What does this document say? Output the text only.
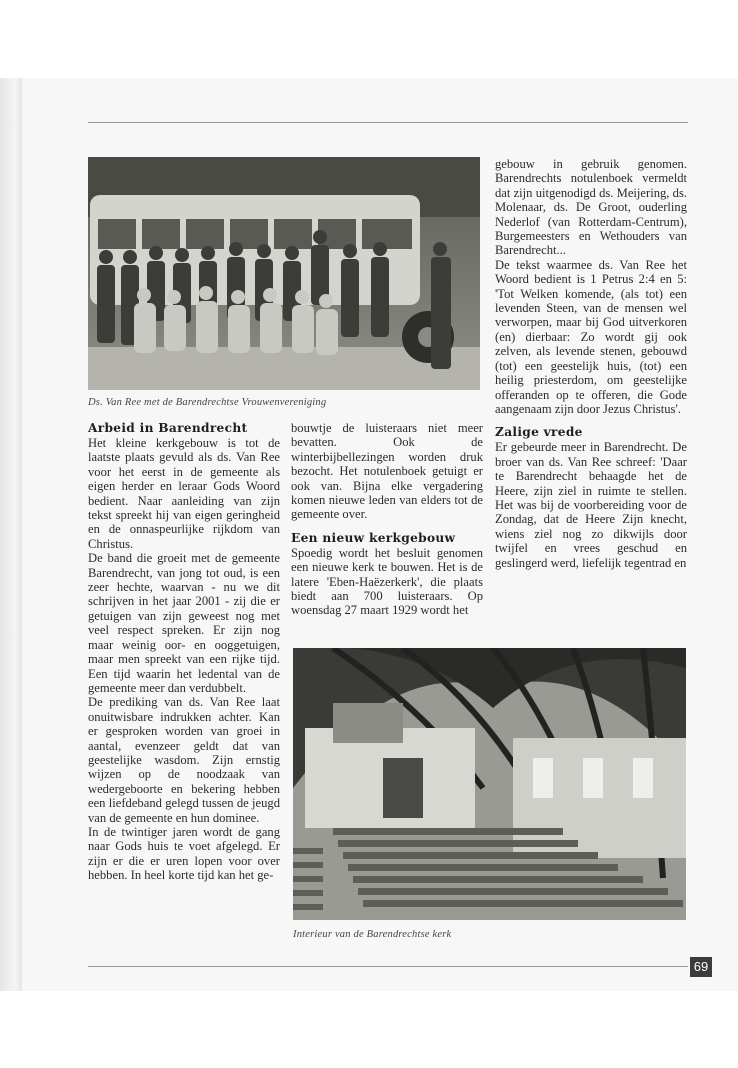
Ds. Van Ree met de Barendrechtse Vrouwenvereniging
Arbeid in Barendrecht

Het kleine kerkgebouw is tot de laatste plaats gevuld als ds. Van Ree voor het eerst in de gemeente als eigen herder en leraar Gods Woord bedient. Naar aanleiding van zijn tekst spreekt hij van eigen geringheid en de onnaspeurlijke rijkdom van Christus.

De band die groeit met de gemeente Barendrecht, van jong tot oud, is een zeer hechte, waarvan - nu we dit schrijven in het jaar 2001 - zij die er getuigen van zijn geweest nog met veel respect spreken. Er zijn nog maar weinig oor- en ooggetuigen, maar men spreekt van een rijke tijd. Een tijd waarin het ledental van de gemeente meer dan verdubbelt.

De prediking van ds. Van Ree laat onuitwisbare indrukken achter. Kan er gesproken worden van groei in aantal, evenzeer geldt dat van geestelijke wasdom. Zijn ernstig wijzen op de noodzaak van wedergeboorte en bekering hebben een liefdeband gelegd tussen de jeugd van de gemeente en hun dominee.

In de twintiger jaren wordt de gang naar Gods huis te voet afgelegd. Er zijn er die er uren lopen voor over hebben. In heel korte tijd kan het ge-

bouwtje de luisteraars niet meer bevatten. Ook de winterbijbellezingen worden druk bezocht. Het notulenboek getuigt er ook van. Bijna elke vergadering komen nieuwe leden van elders tot de gemeente over.

Een nieuw kerkgebouw

Spoedig wordt het besluit genomen een nieuwe kerk te bouwen. Het is de latere 'Eben-Haëzerkerk', die plaats biedt aan 700 luisteraars. Op woensdag 27 maart 1929 wordt het

gebouw in gebruik genomen. Barendrechts notulenboek vermeldt dat zijn uitgenodigd ds. Meijering, ds. Molenaar, ds. De Groot, ouderling Nederlof (van Rotterdam-Centrum), Burgemeesters en Wethouders van Barendrecht...

De tekst waarmee ds. Van Ree het Woord bedient is 1 Petrus 2:4 en 5: 'Tot Welken komende, (als tot) een levenden Steen, van de mensen wel verworpen, maar bij God uitverkoren (en) dierbaar: Zo wordt gij ook zelven, als levende stenen, gebouwd (tot) een geestelijk huis, (tot) een heilig priesterdom, om geestelijke offeranden op te offeren, die Gode aangenaam zijn door Jezus Christus'.

Zalige vrede

Er gebeurde meer in Barendrecht. De broer van ds. Van Ree schreef: 'Daar te Barendrecht behaagde het de Heere, zijn ziel in ruimte te stellen. Het was bij de voorbereiding voor de Zondag, dat de Heere Zijn knecht, wiens ziel nog zo dikwijls door twijfel en vrees geschud en geslingerd werd, liefelijk tegentrad en

Interieur van de Barendrechtse kerk
69
